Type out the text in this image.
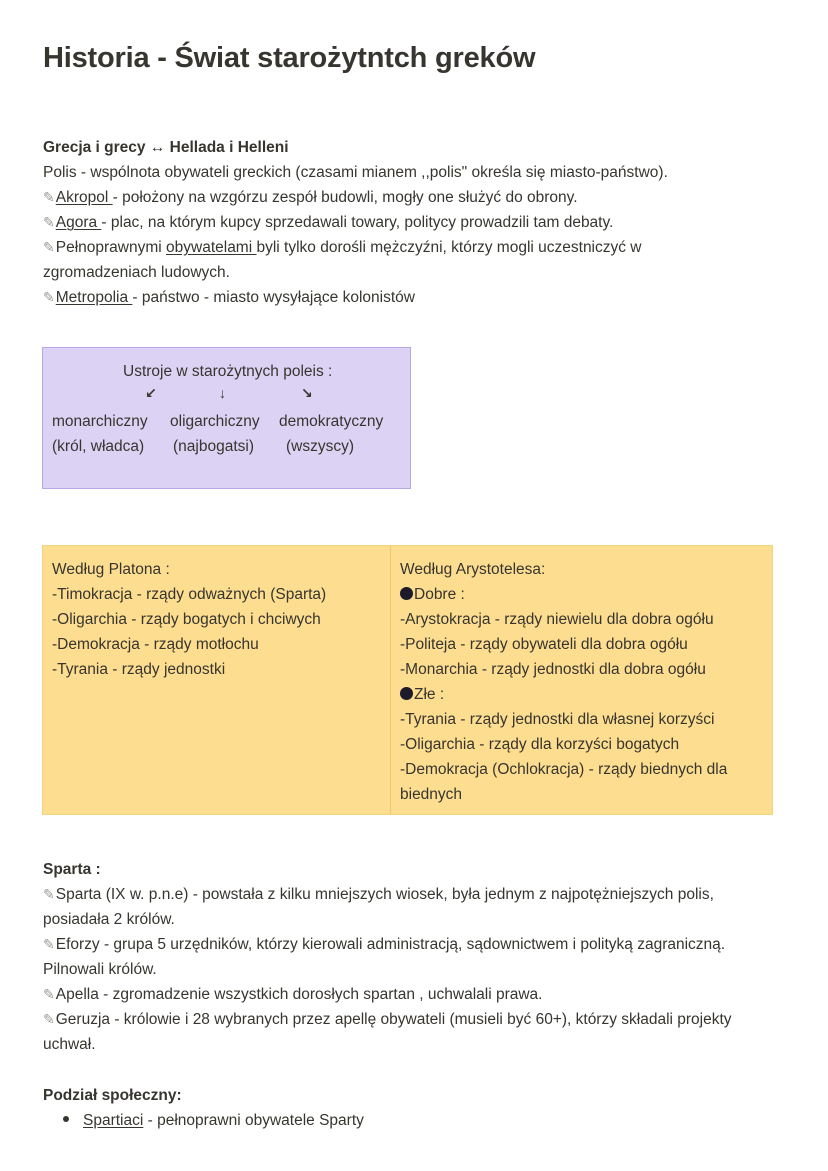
Historia - Świat starożytntch greków
Grecja i grecy ↔ Hellada i Helleni
Polis - wspólnota obywateli greckich (czasami mianem ,,polis" określa się miasto-państwo).
✎Akropol - położony na wzgórzu zespół budowli, mogły one służyć do obrony.
✎Agora - plac, na którym kupcy sprzedawali towary, politycy prowadzili tam debaty.
✎Pełnoprawnymi obywatelami byli tylko dorośli mężczyźni, którzy mogli uczestniczyć w
zgromadzeniach ludowych.
✎Metropolia - państwo - miasto wysyłające kolonistów
Ustroje w starożytnych poleis :
↙	↓	↘
monarchiczny
(król, władca)
oligarchiczny
(najbogatsi)
demokratyczny
(wszyscy)
Według Platona :
-Timokracja - rządy odważnych (Sparta)
-Oligarchia - rządy bogatych i chciwych
-Demokracja - rządy motłochu
-Tyrania - rządy jednostki
Według Arystotelesa:
Dobre :
-Arystokracja - rządy niewielu dla dobra ogółu
-Politeja - rządy obywateli dla dobra ogółu
-Monarchia - rządy jednostki dla dobra ogółu
Złe :
-Tyrania - rządy jednostki dla własnej korzyści
-Oligarchia - rządy dla korzyści bogatych
-Demokracja (Ochlokracja) - rządy biednych dla
biednych
Sparta :
✎Sparta (IX w. p.n.e) - powstała z kilku mniejszych wiosek, była jednym z najpotężniejszych polis,
posiadała 2 królów.
✎Eforzy - grupa 5 urzędników, którzy kierowali administracją, sądownictwem i polityką zagraniczną.
Pilnowali królów.
✎Apella - zgromadzenie wszystkich dorosłych spartan , uchwalali prawa.
✎Geruzja - królowie i 28 wybranych przez apellę obywateli (musieli być 60+), którzy składali projekty
uchwał.
Podział społeczny:
Spartiaci - pełnoprawni obywatele Sparty
